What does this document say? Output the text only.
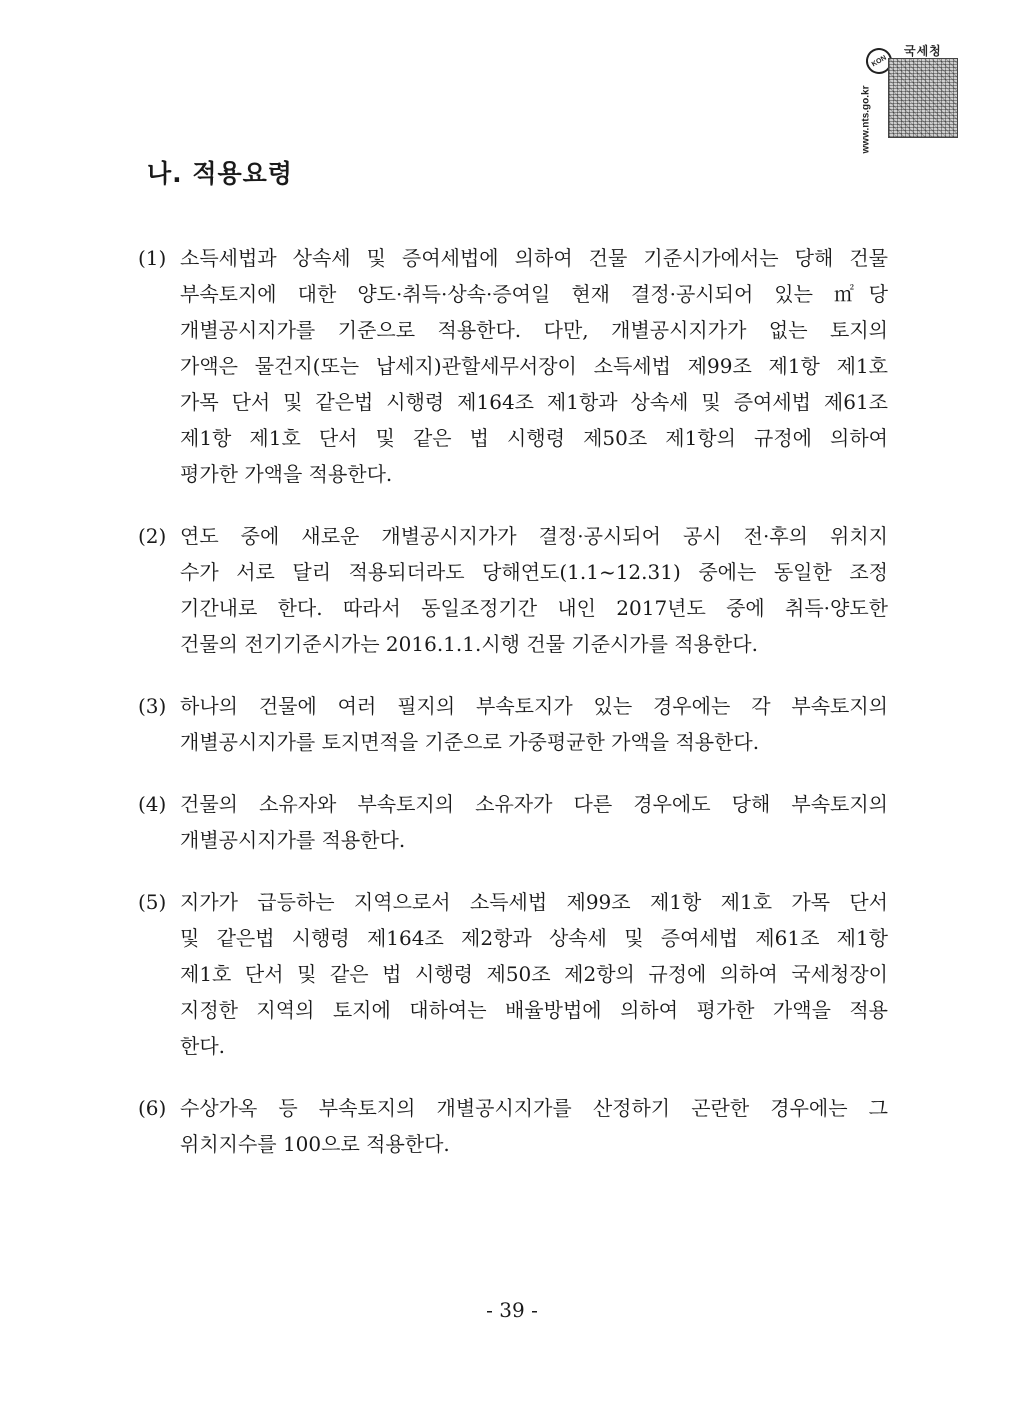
KON
국세청
www.nts.go.kr
나. 적용요령
(1) 소득세법과 상속세 및 증여세법에 의하여 건물 기준시가에서는 당해 건물
부속토지에 대한 양도·취득·상속·증여일 현재 결정·공시되어 있는 ㎡당
개별공시지가를 기준으로 적용한다. 다만, 개별공시지가가 없는 토지의
가액은 물건지(또는 납세지)관할세무서장이 소득세법 제99조 제1항 제1호
가목 단서 및 같은법 시행령 제164조 제1항과 상속세 및 증여세법 제61조
제1항 제1호 단서 및 같은 법 시행령 제50조 제1항의 규정에 의하여
평가한 가액을 적용한다.
(2) 연도 중에 새로운 개별공시지가가 결정·공시되어 공시 전·후의 위치지
수가 서로 달리 적용되더라도 당해연도(1.1~12.31) 중에는 동일한 조정
기간내로 한다. 따라서 동일조정기간 내인 2017년도 중에 취득·양도한
건물의 전기기준시가는 2016.1.1.시행 건물 기준시가를 적용한다.
(3) 하나의 건물에 여러 필지의 부속토지가 있는 경우에는 각 부속토지의
개별공시지가를 토지면적을 기준으로 가중평균한 가액을 적용한다.
(4) 건물의 소유자와 부속토지의 소유자가 다른 경우에도 당해 부속토지의
개별공시지가를 적용한다.
(5) 지가가 급등하는 지역으로서 소득세법 제99조 제1항 제1호 가목 단서
및 같은법 시행령 제164조 제2항과 상속세 및 증여세법 제61조 제1항
제1호 단서 및 같은 법 시행령 제50조 제2항의 규정에 의하여 국세청장이
지정한 지역의 토지에 대하여는 배율방법에 의하여 평가한 가액을 적용
한다.
(6) 수상가옥 등 부속토지의 개별공시지가를 산정하기 곤란한 경우에는 그
위치지수를 100으로 적용한다.
- 39 -
